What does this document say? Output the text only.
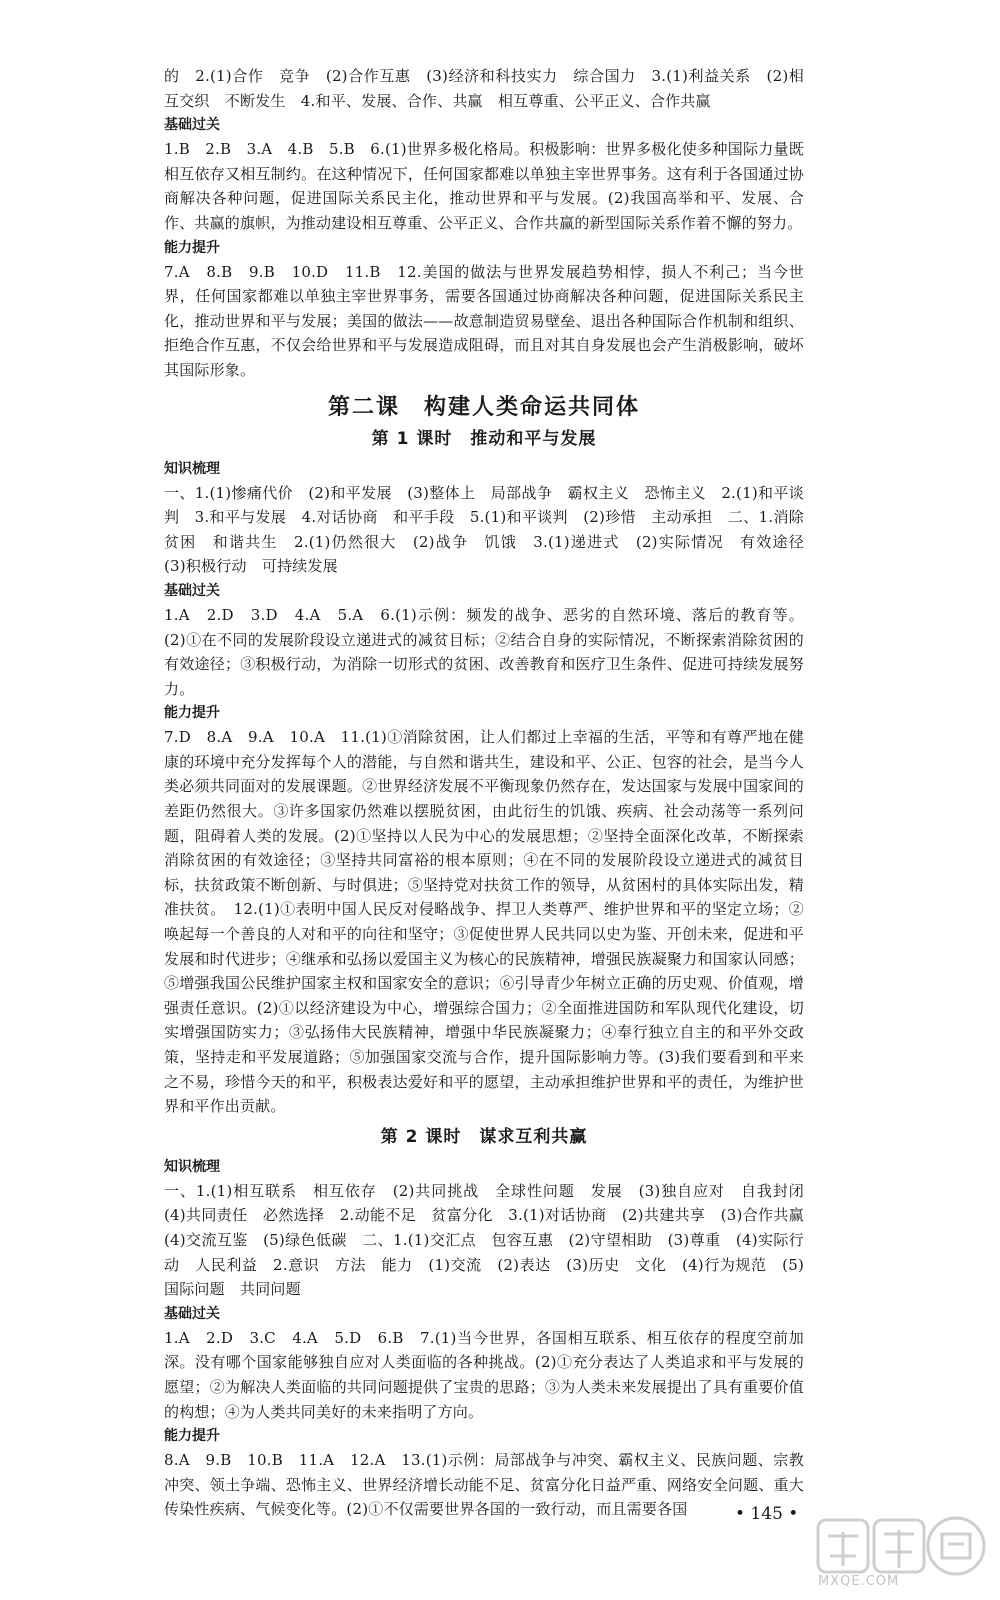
的　2.(1)合作　竞争　(2)合作互惠　(3)经济和科技实力　综合国力　3.(1)利益关系　(2)相互交织　不断发生　4.和平、发展、合作、共赢　相互尊重、公平正义、合作共赢

基础过关

1.B　2.B　3.A　4.B　5.B　6.(1)世界多极化格局。积极影响：世界多极化使多种国际力量既相互依存又相互制约。在这种情况下，任何国家都难以单独主宰世界事务。这有利于各国通过协商解决各种问题，促进国际关系民主化，推动世界和平与发展。(2)我国高举和平、发展、合作、共赢的旗帜，为推动建设相互尊重、公平正义、合作共赢的新型国际关系作着不懈的努力。

能力提升

7.A　8.B　9.B　10.D　11.B　12.美国的做法与世界发展趋势相悖，损人不利己；当今世界，任何国家都难以单独主宰世界事务，需要各国通过协商解决各种问题，促进国际关系民主化，推动世界和平与发展；美国的做法——故意制造贸易壁垒、退出各种国际合作机制和组织、拒绝合作互惠，不仅会给世界和平与发展造成阻碍，而且对其自身发展也会产生消极影响，破坏其国际形象。

第二课　构建人类命运共同体

第 1 课时　推动和平与发展

知识梳理

一、1.(1)惨痛代价　(2)和平发展　(3)整体上　局部战争　霸权主义　恐怖主义　2.(1)和平谈判　3.和平与发展　4.对话协商　和平手段　5.(1)和平谈判　(2)珍惜　主动承担　二、1.消除贫困　和谐共生　2.(1)仍然很大　(2)战争　饥饿　3.(1)递进式　(2)实际情况　有效途径　(3)积极行动　可持续发展

基础过关

1.A　2.D　3.D　4.A　5.A　6.(1)示例：频发的战争、恶劣的自然环境、落后的教育等。(2)①在不同的发展阶段设立递进式的减贫目标；②结合自身的实际情况，不断探索消除贫困的有效途径；③积极行动，为消除一切形式的贫困、改善教育和医疗卫生条件、促进可持续发展努力。

能力提升

7.D　8.A　9.A　10.A　11.(1)①消除贫困，让人们都过上幸福的生活，平等和有尊严地在健康的环境中充分发挥每个人的潜能，与自然和谐共生，建设和平、公正、包容的社会，是当今人类必须共同面对的发展课题。②世界经济发展不平衡现象仍然存在，发达国家与发展中国家间的差距仍然很大。③许多国家仍然难以摆脱贫困，由此衍生的饥饿、疾病、社会动荡等一系列问题，阻碍着人类的发展。(2)①坚持以人民为中心的发展思想；②坚持全面深化改革，不断探索消除贫困的有效途径；③坚持共同富裕的根本原则；④在不同的发展阶段设立递进式的减贫目标，扶贫政策不断创新、与时俱进；⑤坚持党对扶贫工作的领导，从贫困村的具体实际出发，精准扶贫。　12.(1)①表明中国人民反对侵略战争、捍卫人类尊严、维护世界和平的坚定立场；②唤起每一个善良的人对和平的向往和坚守；③促使世界人民共同以史为鉴、开创未来，促进和平发展和时代进步；④继承和弘扬以爱国主义为核心的民族精神，增强民族凝聚力和国家认同感；⑤增强我国公民维护国家主权和国家安全的意识；⑥引导青少年树立正确的历史观、价值观，增强责任意识。(2)①以经济建设为中心，增强综合国力；②全面推进国防和军队现代化建设，切实增强国防实力；③弘扬伟大民族精神，增强中华民族凝聚力；④奉行独立自主的和平外交政策，坚持走和平发展道路；⑤加强国家交流与合作，提升国际影响力等。(3)我们要看到和平来之不易，珍惜今天的和平，积极表达爱好和平的愿望，主动承担维护世界和平的责任，为维护世界和平作出贡献。

第 2 课时　谋求互利共赢

知识梳理

一、1.(1)相互联系　相互依存　(2)共同挑战　全球性问题　发展　(3)独自应对　自我封闭　(4)共同责任　必然选择　2.动能不足　贫富分化　3.(1)对话协商　(2)共建共享　(3)合作共赢　(4)交流互鉴　(5)绿色低碳　二、1.(1)交汇点　包容互惠　(2)守望相助　(3)尊重　(4)实际行动　人民利益　2.意识　方法　能力　(1)交流　(2)表达　(3)历史　文化　(4)行为规范　(5)国际问题　共同问题

基础过关

1.A　2.D　3.C　4.A　5.D　6.B　7.(1)当今世界，各国相互联系、相互依存的程度空前加深。没有哪个国家能够独自应对人类面临的各种挑战。(2)①充分表达了人类追求和平与发展的愿望；②为解决人类面临的共同问题提供了宝贵的思路；③为人类未来发展提出了具有重要价值的构想；④为人类共同美好的未来指明了方向。

能力提升

8.A　9.B　10.B　11.A　12.A　13.(1)示例：局部战争与冲突、霸权主义、民族问题、宗教冲突、领土争端、恐怖主义、世界经济增长动能不足、贫富分化日益严重、网络安全问题、重大传染性疾病、气候变化等。(2)①不仅需要世界各国的一致行动，而且需要各国	• 145 •
MXQE.COM
